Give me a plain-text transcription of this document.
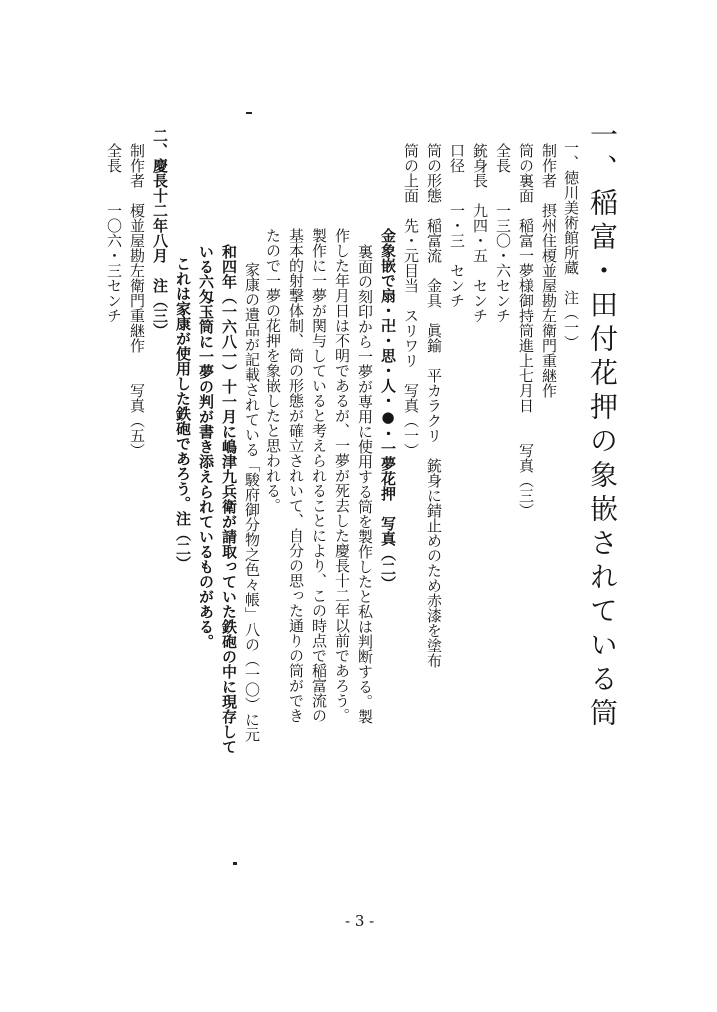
一、稲富・田付花押の象嵌されている筒
一、徳川美術館所蔵　注（一）
制作者　摂州住榎並屋勘左衛門重継作
筒の裏面　稲富一夢様御持筒進上七月日　　写真（三）
全長　　一三〇・六センチ
銃身長　九四・五　センチ
口径　　一・三　センチ
筒の形態　稲富流　金具　眞鍮　平カラクリ　銃身に錆止めのため赤漆を塗布
筒の上面　先・元目当　スリワリ　写真（一）
金象嵌で扇・卍・思・人・●・一夢花押　写真（二）
裏面の刻印から一夢が専用に使用する筒を製作したと私は判断する。製
作した年月日は不明であるが、一夢が死去した慶長十二年以前であろう。
製作に一夢が関与していると考えられることにより、この時点で稲富流の
基本的射撃体制、筒の形態が確立されいて、自分の思った通りの筒ができ
たので一夢の花押を象嵌したと思われる。
家康の遺品が記載されている「駿府御分物之色々帳」八の（一〇）に元
和四年（一六八一）十一月に嶋津九兵衛が請取っていた鉄砲の中に現存して
いる六匁玉筒に一夢の判が書き添えられているものがある。
これは家康が使用した鉄砲であろう。注（二）
二、慶長十二年八月　注（三）
制作者　榎並屋勘左衛門重継作　　写真（五）
全長　　一〇六・三センチ
- 3 -
